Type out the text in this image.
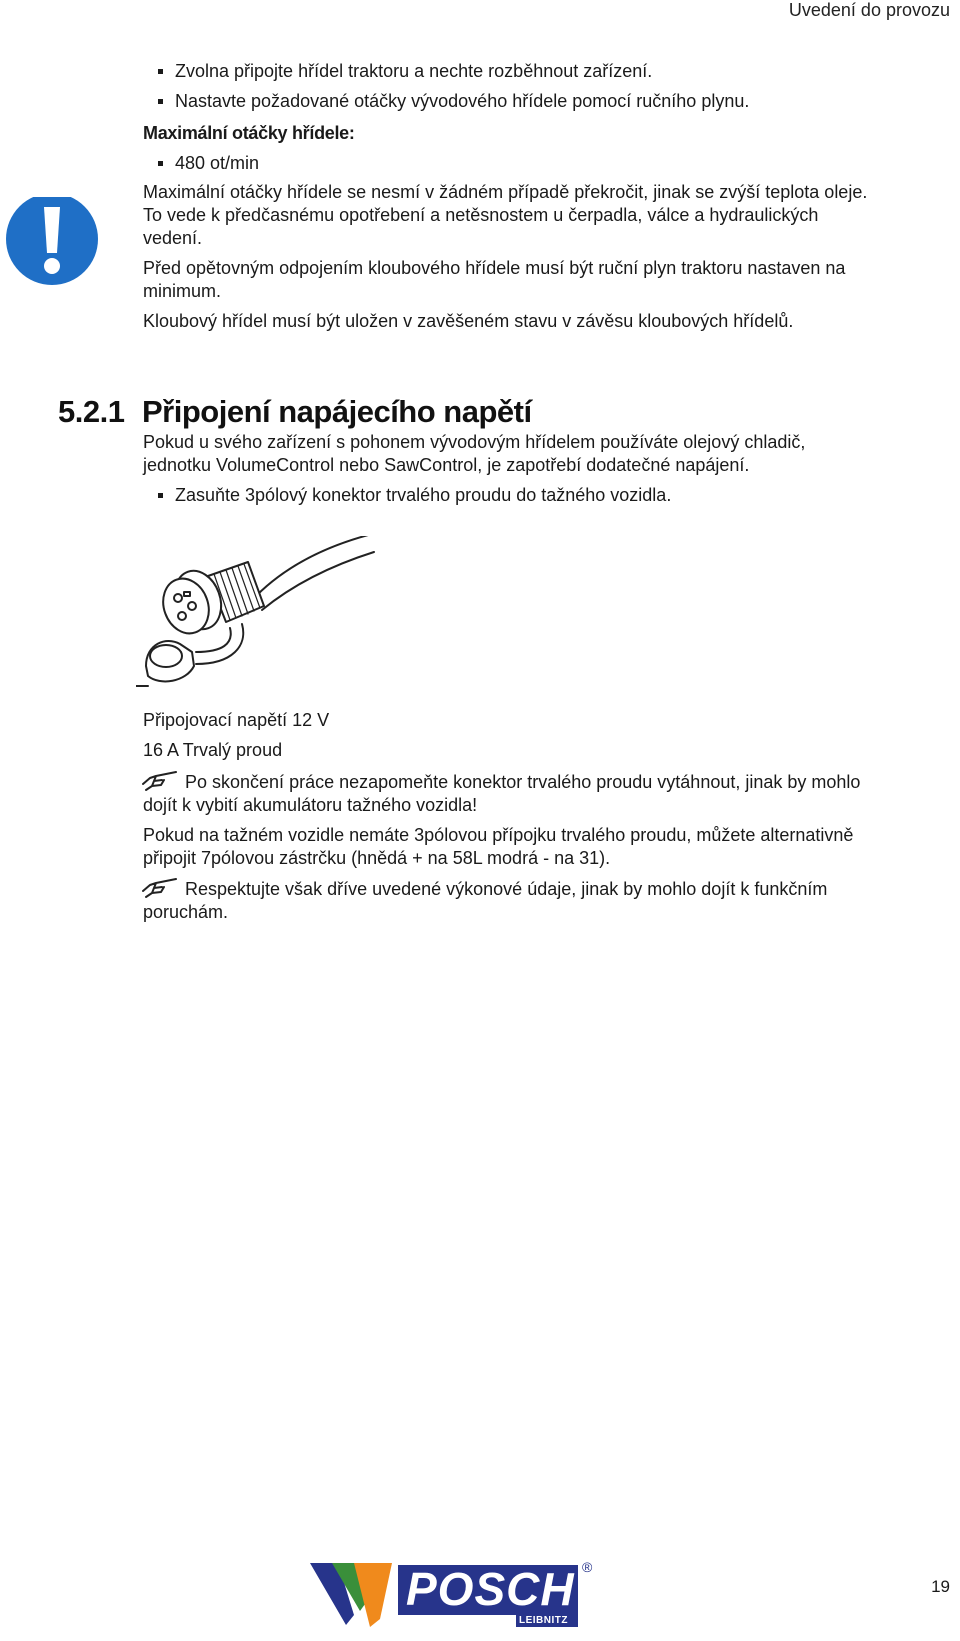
Uvedení do provozu
Zvolna připojte hřídel traktoru a nechte rozběhnout zařízení.
Nastavte požadované otáčky vývodového hřídele pomocí ručního plynu.
Maximální otáčky hřídele:
480 ot/min
Maximální otáčky hřídele se nesmí v žádném případě překročit, jinak se zvýší teplota oleje.
To vede k předčasnému opotřebení a netěsnostem u čerpadla, válce a hydraulických
vedení.
Před opětovným odpojením kloubového hřídele musí být ruční plyn traktoru nastaven na
minimum.
Kloubový hřídel musí být uložen v zavěšeném stavu v závěsu kloubových hřídelů.
5.2.1 Připojení napájecího napětí
Pokud u svého zařízení s pohonem vývodovým hřídelem používáte olejový chladič,
jednotku VolumeControl nebo SawControl, je zapotřebí dodatečné napájení.
Zasuňte 3pólový konektor trvalého proudu do tažného vozidla.
Připojovací napětí 12 V
16 A Trvalý proud
Po skončení práce nezapomeňte konektor trvalého proudu vytáhnout, jinak by mohlo
dojít k vybití akumulátoru tažného vozidla!
Pokud na tažném vozidle nemáte 3pólovou přípojku trvalého proudu, můžete alternativně
připojit 7pólovou zástrčku (hnědá + na 58L modrá - na 31).
Respektujte však dříve uvedené výkonové údaje, jinak by mohlo dojít k funkčním
poruchám.
POSCH
LEIBNITZ
®
19
